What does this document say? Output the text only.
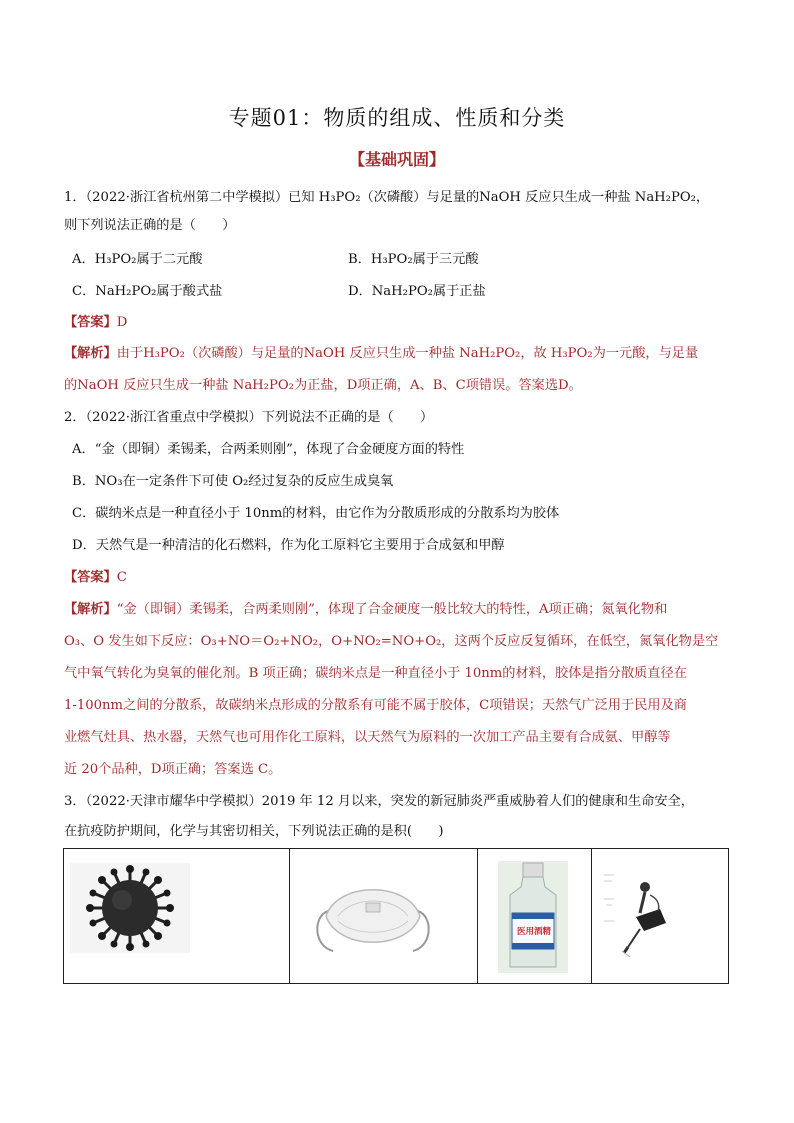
专题01：物质的组成、性质和分类
【基础巩固】
1．（2022·浙江省杭州第二中学模拟）已知 H₃PO₂（次磷酸）与足量的NaOH 反应只生成一种盐 NaH₂PO₂，
则下列说法正确的是（　　）
A．H₃PO₂属于二元酸	B．H₃PO₂属于三元酸
C．NaH₂PO₂属于酸式盐	D．NaH₂PO₂属于正盐
【答案】D
【解析】由于H₃PO₂（次磷酸）与足量的NaOH 反应只生成一种盐 NaH₂PO₂，故 H₃PO₂为一元酸，与足量
的NaOH 反应只生成一种盐 NaH₂PO₂为正盐，D项正确，A、B、C项错误。答案选D。
2．（2022·浙江省重点中学模拟）下列说法不正确的是（　　）
A．“金（即铜）柔锡柔，合两柔则刚”，体现了合金硬度方面的特性
B．NO₃在一定条件下可使 O₂经过复杂的反应生成臭氧
C．碳纳米点是一种直径小于 10nm的材料，由它作为分散质形成的分散系均为胶体
D．天然气是一种清洁的化石燃料，作为化工原料它主要用于合成氨和甲醇
【答案】C
【解析】“金（即铜）柔锡柔，合两柔则刚”，体现了合金硬度一般比较大的特性，A项正确；氮氧化物和
O₃、O 发生如下反应：O₃+NO＝O₂+NO₂，O+NO₂=NO+O₂，这两个反应反复循环，在低空，氮氧化物是空
气中氧气转化为臭氧的催化剂。B 项正确；碳纳米点是一种直径小于 10nm的材料，胶体是指分散质直径在
1-100nm之间的分散系，故碳纳米点形成的分散系有可能不属于胶体，C项错误；天然气广泛用于民用及商
业燃气灶具、热水器，天然气也可用作化工原料，以天然气为原料的一次加工产品主要有合成氨、甲醇等
近 20个品种，D项正确；答案选 C。
3．（2022·天津市耀华中学模拟）2019 年 12 月以来，突发的新冠肺炎严重威胁着人们的健康和生命安全，
在抗疫防护期间，化学与其密切相关，下列说法正确的是积(　　)
医用酒精
